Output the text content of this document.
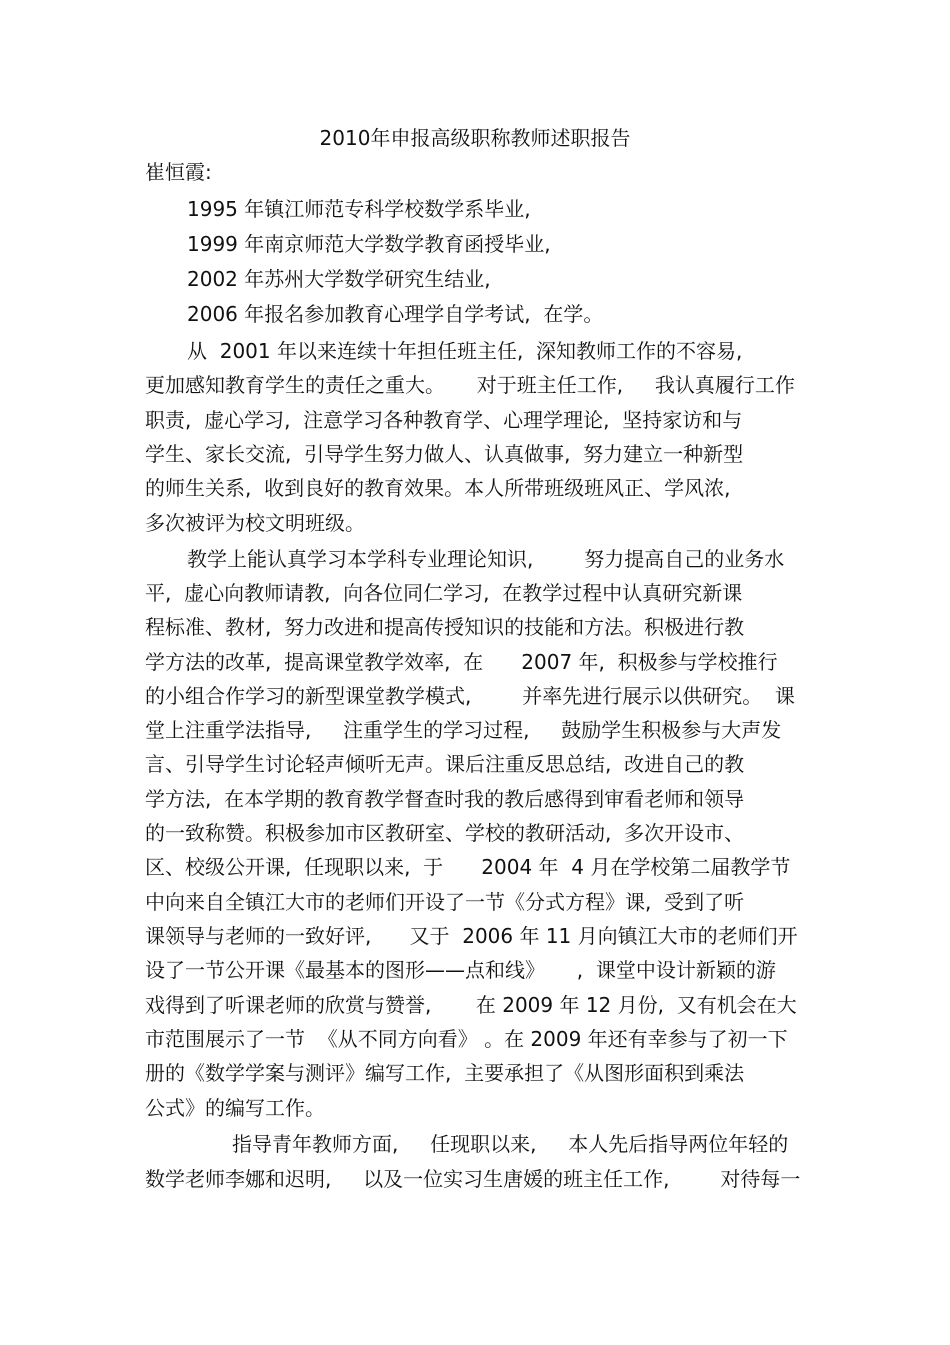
2010年申报高级职称教师述职报告
崔恒霞:
1995 年镇江师范专科学校数学系毕业,
1999 年南京师范大学数学教育函授毕业,
2002 年苏州大学数学研究生结业,
2006 年报名参加教育心理学自学考试,  在学。
从  2001 年以来连续十年担任班主任,  深知教师工作的不容易,
更加感知教育学生的责任之重大。     对于班主任工作,     我认真履行工作
职责,  虚心学习,  注意学习各种教育学、心理学理论,  坚持家访和与
学生、家长交流,  引导学生努力做人、认真做事,  努力建立一种新型
的师生关系,  收到良好的教育效果。本人所带班级班风正、学风浓,
多次被评为校文明班级。
教学上能认真学习本学科专业理论知识,        努力提高自己的业务水
平,  虚心向教师请教,  向各位同仁学习,  在教学过程中认真研究新课
程标准、教材,  努力改进和提高传授知识的技能和方法。积极进行教
学方法的改革,  提高课堂教学效率,  在      2007 年,  积极参与学校推行
的小组合作学习的新型课堂教学模式,        并率先进行展示以供研究。  课
堂上注重学法指导,     注重学生的学习过程,     鼓励学生积极参与大声发
言、引导学生讨论轻声倾听无声。课后注重反思总结,  改进自己的教
学方法,  在本学期的教育教学督查时我的教后感得到审看老师和领导
的一致称赞。积极参加市区教研室、学校的教研活动,  多次开设市、
区、校级公开课,  任现职以来,  于      2004 年  4 月在学校第二届教学节
中向来自全镇江大市的老师们开设了一节《分式方程》课,  受到了听
课领导与老师的一致好评,      又于  2006 年 11 月向镇江大市的老师们开
设了一节公开课《最基本的图形——点和线》     ,  课堂中设计新颖的游
戏得到了听课老师的欣赏与赞誉,       在 2009 年 12 月份,  又有机会在大
市范围展示了一节  《从不同方向看》 。在 2009 年还有幸参与了初一下
册的《数学学案与测评》编写工作,  主要承担了《从图形面积到乘法
公式》的编写工作。
指导青年教师方面,     任现职以来,     本人先后指导两位年轻的
数学老师李娜和迟明,     以及一位实习生唐媛的班主任工作,        对待每一
